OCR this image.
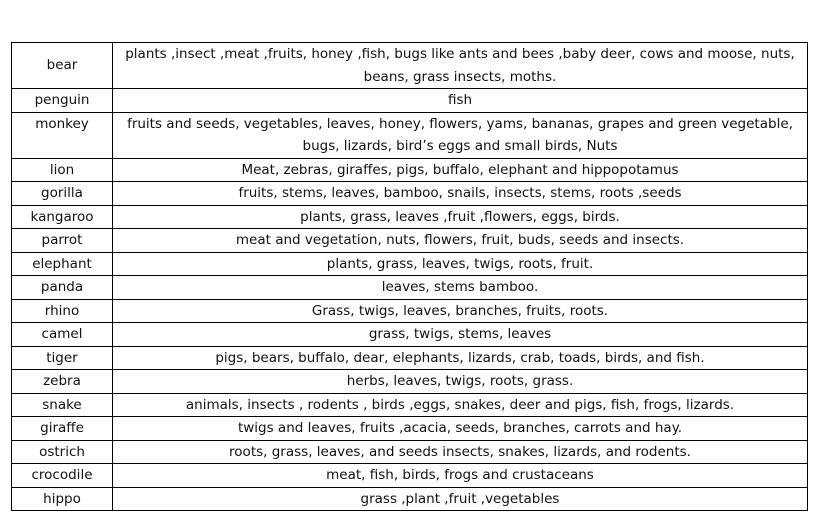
bear	plants ,insect ,meat ,fruits, honey ,fish, bugs like ants and bees ,baby deer, cows and moose, nuts, beans, grass insects, moths.
penguin	fish
monkey	fruits and seeds, vegetables, leaves, honey, flowers, yams, bananas, grapes and green vegetable, bugs, lizards, bird’s eggs and small birds, Nuts
lion	Meat, zebras, giraffes, pigs, buffalo, elephant and hippopotamus
gorilla	fruits, stems, leaves, bamboo, snails, insects, stems, roots ,seeds
kangaroo	plants, grass, leaves ,fruit ,flowers, eggs, birds.
parrot	meat and vegetation, nuts, flowers, fruit, buds, seeds and insects.
elephant	plants, grass, leaves, twigs, roots, fruit.
panda	leaves, stems bamboo.
rhino	Grass, twigs, leaves, branches, fruits, roots.
camel	grass, twigs, stems, leaves
tiger	pigs, bears, buffalo, dear, elephants, lizards, crab, toads, birds, and fish.
zebra	herbs, leaves, twigs, roots, grass.
snake	animals, insects , rodents , birds ,eggs, snakes, deer and pigs, fish, frogs, lizards.
giraffe	twigs and leaves, fruits ,acacia, seeds, branches, carrots and hay.
ostrich	roots, grass, leaves, and seeds insects, snakes, lizards, and rodents.
crocodile	meat, fish, birds, frogs and crustaceans
hippo	grass ,plant ,fruit ,vegetables
